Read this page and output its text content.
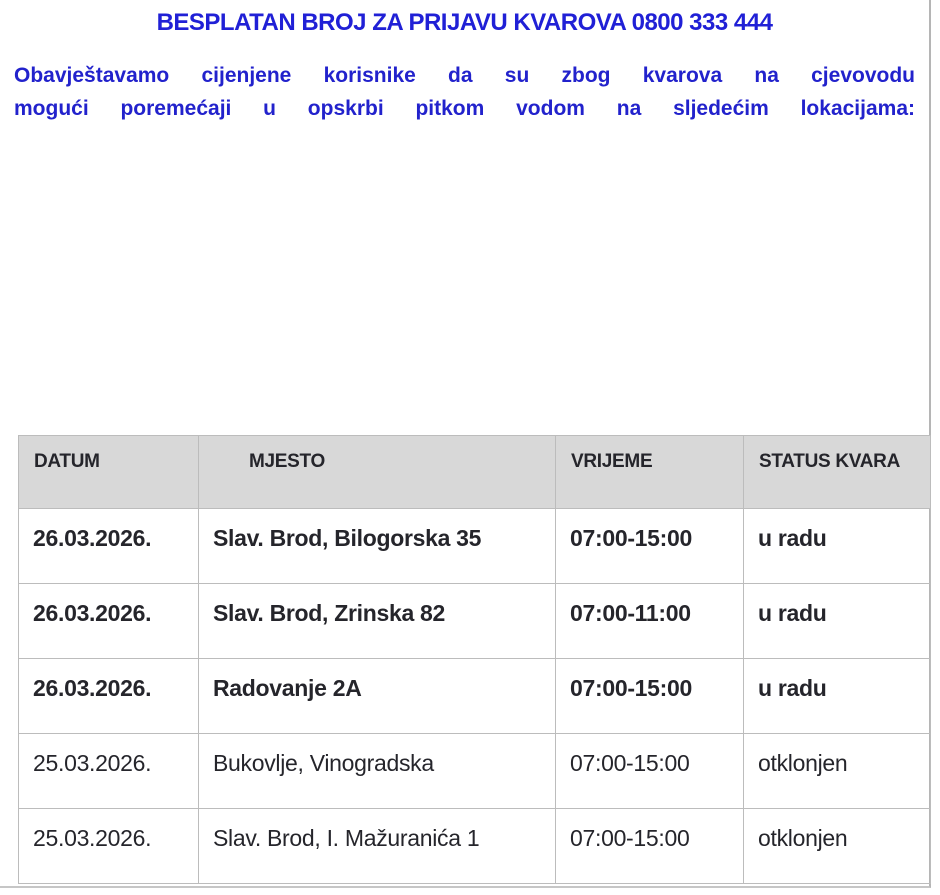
BESPLATAN BROJ ZA PRIJAVU KVAROVA 0800 333 444
Obavještavamo cijenjene korisnike da su zbog kvarova na cjevovodu
mogući poremećaji u opskrbi pitkom vodom na sljedećim lokacijama:
DATUM	MJESTO	VRIJEME	STATUS KVARA
26.03.2026.	Slav. Brod, Bilogorska 35	07:00-15:00	u radu
26.03.2026.	Slav. Brod, Zrinska 82	07:00-11:00	u radu
26.03.2026.	Radovanje 2A	07:00-15:00	u radu
25.03.2026.	Bukovlje, Vinogradska	07:00-15:00	otklonjen
25.03.2026.	Slav. Brod, I. Mažuranića 1	07:00-15:00	otklonjen
